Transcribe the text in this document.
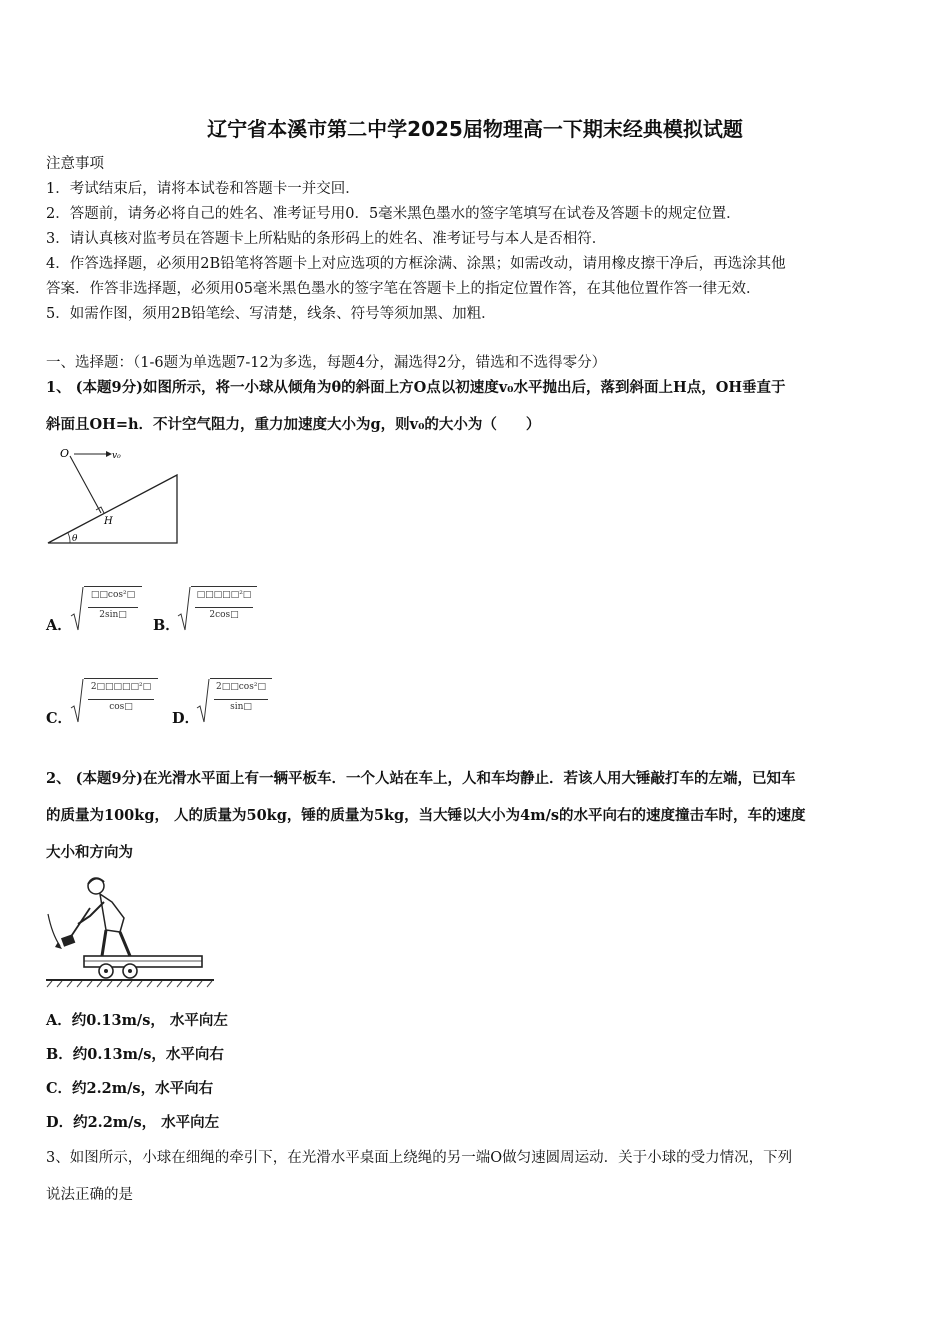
辽宁省本溪市第二中学2025届物理高一下期末经典模拟试题
注意事项
1．考试结束后，请将本试卷和答题卡一并交回．
2．答题前，请务必将自己的姓名、准考证号用0．5毫米黑色墨水的签字笔填写在试卷及答题卡的规定位置．
3．请认真核对监考员在答题卡上所粘贴的条形码上的姓名、准考证号与本人是否相符．
4．作答选择题，必须用2B铅笔将答题卡上对应选项的方框涂满、涂黑；如需改动，请用橡皮擦干净后，再选涂其他
答案．作答非选择题，必须用05毫米黑色墨水的签字笔在答题卡上的指定位置作答，在其他位置作答一律无效．
5．如需作图，须用2B铅笔绘、写清楚，线条、符号等须加黑、加粗．
一、选择题：（1-6题为单选题7-12为多选，每题4分，漏选得2分，错选和不选得零分）
1、 (本题9分)如图所示，将一小球从倾角为θ的斜面上方O点以初速度v₀水平抛出后，落到斜面上H点，OH垂直于
斜面且OH=h．不计空气阻力，重力加速度大小为g，则v₀的大小为（　　）
O	v₀
H
θ
A．
□□cos²□
2sin□
B．
□□□□□²□
2cos□
C．
2□□□□□²□
cos□
D．
2□□cos²□
sin□
2、 (本题9分)在光滑水平面上有一辆平板车．一个人站在车上，人和车均静止．若该人用大锤敲打车的左端，已知车
的质量为100kg， 人的质量为50kg，锤的质量为5kg，当大锤以大小为4m/s的水平向右的速度撞击车时，车的速度
大小和方向为
A．约0.13m/s， 水平向左
B．约0.13m/s，水平向右
C．约2.2m/s，水平向右
D．约2.2m/s， 水平向左
3、如图所示，小球在细绳的牵引下，在光滑水平桌面上绕绳的另一端O做匀速圆周运动．关于小球的受力情况，下列
说法正确的是
